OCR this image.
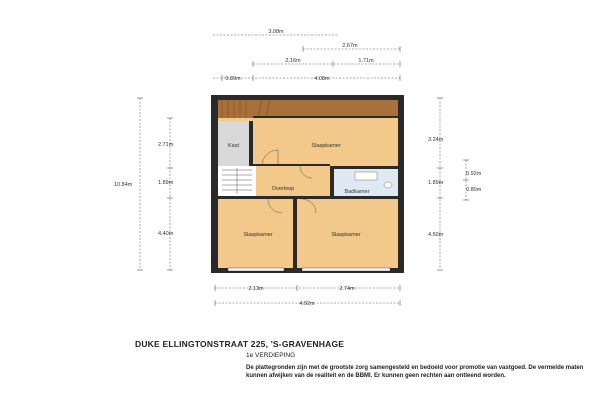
3.08m
2.67m
2.16m	1.71m
0.80m	4.08m
10.84m
2.71m
1.89m
4.40m
3.24m
1.89m
4.50m
0.92m
0.80m
2.13m	2.74m
4.92m
Kast
Overloop
Slaapkamer
Badkamer
Slaapkamer	Slaapkamer
DUKE ELLINGTONSTRAAT 225, 'S-GRAVENHAGE
1e VERDIEPING
De plattegronden zijn met de grootste zorg samengesteld en bedoeld voor promotie van vastgoed. De vermelde maten kunnen afwijken van de realiteit en de BBMI. Er kunnen geen rechten aan ontleend worden.
